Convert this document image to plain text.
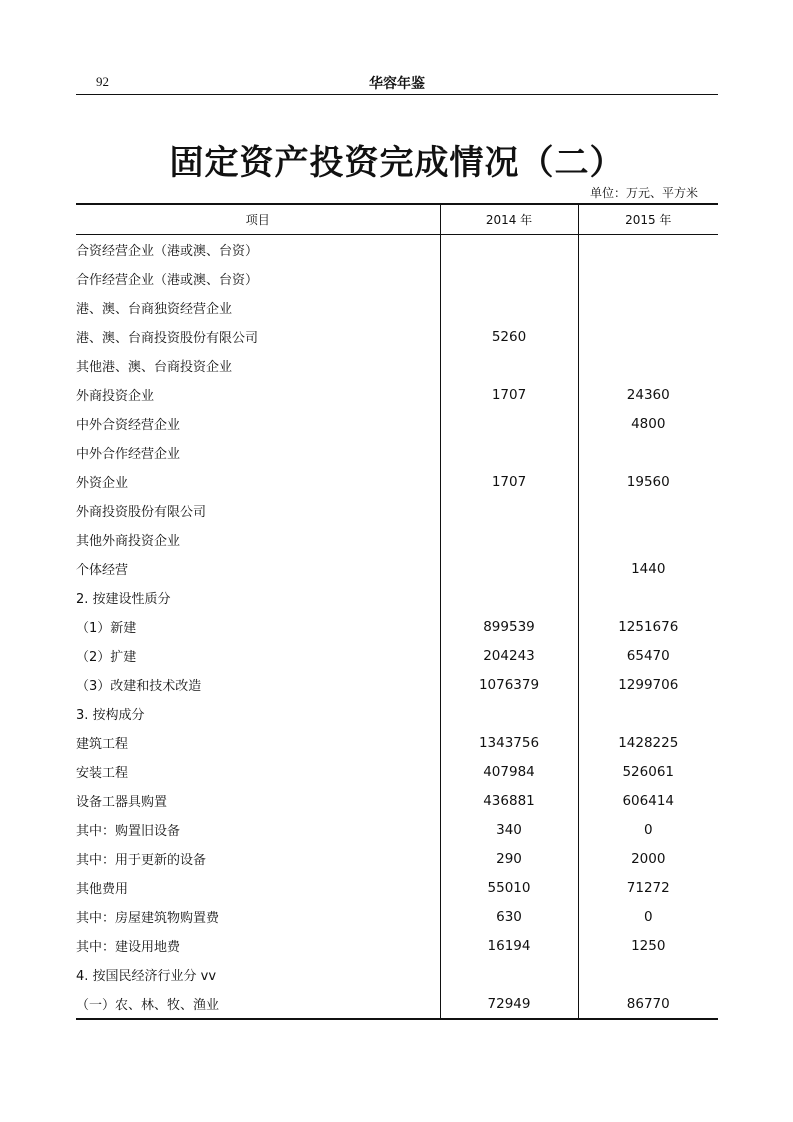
92	华容年鉴
固定资产投资完成情况（二）
单位：万元、平方米
项目	2014 年	2015 年
合资经营企业（港或澳、台资）		
合作经营企业（港或澳、台资）		
港、澳、台商独资经营企业		
港、澳、台商投资股份有限公司	5260	
其他港、澳、台商投资企业		
外商投资企业	1707	24360
中外合资经营企业		4800
中外合作经营企业		
外资企业	1707	19560
外商投资股份有限公司		
其他外商投资企业		
个体经营		1440
2. 按建设性质分		
（1）新建	899539	1251676
（2）扩建	204243	65470
（3）改建和技术改造	1076379	1299706
3. 按构成分		
建筑工程	1343756	1428225
安装工程	407984	526061
设备工器具购置	436881	606414
其中：购置旧设备	340	0
其中：用于更新的设备	290	2000
其他费用	55010	71272
其中：房屋建筑物购置费	630	0
其中：建设用地费	16194	1250
4. 按国民经济行业分 vv		
（一）农、林、牧、渔业	72949	86770
